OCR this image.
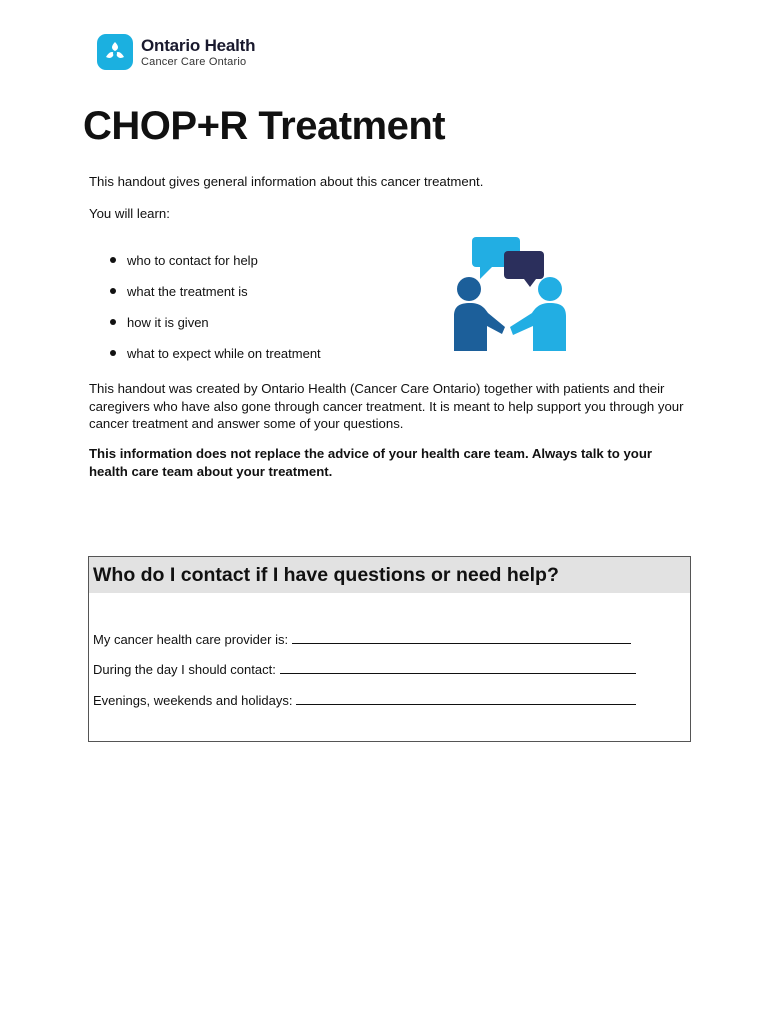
Ontario Health
Cancer Care Ontario
CHOP+R Treatment

This handout gives general information about this cancer treatment.

You will learn:

who to contact for help
what the treatment is
how it is given
what to expect while on treatment

This handout was created by Ontario Health (Cancer Care Ontario) together with patients and their caregivers who have also gone through cancer treatment. It is meant to help support you through your cancer treatment and answer some of your questions.

This information does not replace the advice of your health care team. Always talk to your health care team about your treatment.

Who do I contact if I have questions or need help?
My cancer health care provider is:
During the day I should contact:
Evenings, weekends and holidays:
